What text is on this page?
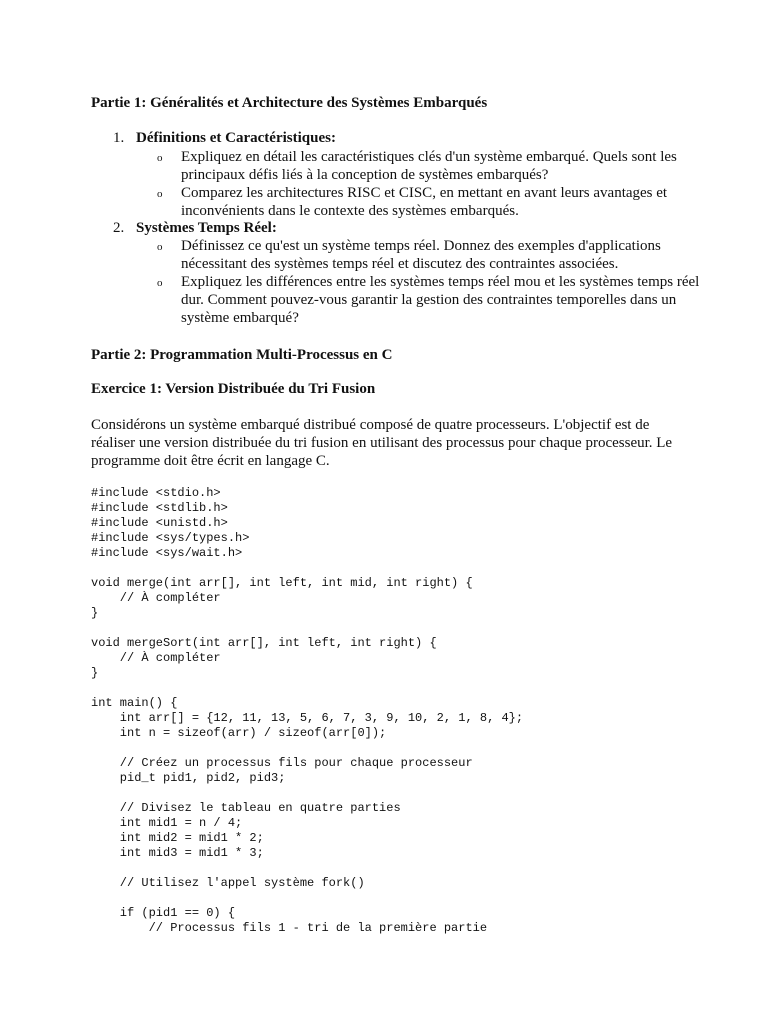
Partie 1: Généralités et Architecture des Systèmes Embarqués
1. Définitions et Caractéristiques:
o Expliquez en détail les caractéristiques clés d'un système embarqué. Quels sont les principaux défis liés à la conception de systèmes embarqués?
o Comparez les architectures RISC et CISC, en mettant en avant leurs avantages et inconvénients dans le contexte des systèmes embarqués.
2. Systèmes Temps Réel:
o Définissez ce qu'est un système temps réel. Donnez des exemples d'applications nécessitant des systèmes temps réel et discutez des contraintes associées.
o Expliquez les différences entre les systèmes temps réel mou et les systèmes temps réel dur. Comment pouvez-vous garantir la gestion des contraintes temporelles dans un système embarqué?
Partie 2: Programmation Multi-Processus en C
Exercice 1: Version Distribuée du Tri Fusion
Considérons un système embarqué distribué composé de quatre processeurs. L'objectif est de réaliser une version distribuée du tri fusion en utilisant des processus pour chaque processeur. Le programme doit être écrit en langage C.
#include <stdio.h>
#include <stdlib.h>
#include <unistd.h>
#include <sys/types.h>
#include <sys/wait.h>

void merge(int arr[], int left, int mid, int right) {
// À compléter
}

void mergeSort(int arr[], int left, int right) {
// À compléter
}

int main() {
int arr[] = {12, 11, 13, 5, 6, 7, 3, 9, 10, 2, 1, 8, 4};
int n = sizeof(arr) / sizeof(arr[0]);

// Créez un processus fils pour chaque processeur
pid_t pid1, pid2, pid3;

// Divisez le tableau en quatre parties
int mid1 = n / 4;
int mid2 = mid1 * 2;
int mid3 = mid1 * 3;

// Utilisez l'appel système fork()

if (pid1 == 0) {
// Processus fils 1 - tri de la première partie
